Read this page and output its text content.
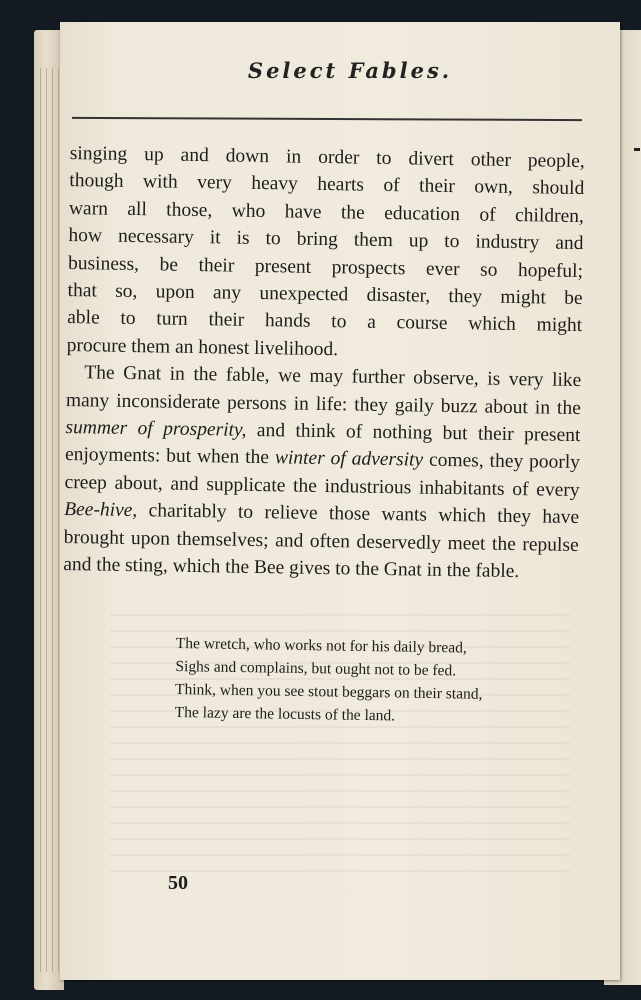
Select Fables.

singing up and down in order to divert other people,

though with very heavy hearts of their own, should

warn all those, who have the education of children,

how necessary it is to bring them up to industry and

business, be their present prospects ever so hopeful;

that so, upon any unexpected disaster, they might be

able to turn their hands to a course which might

procure them an honest livelihood.

The Gnat in the fable, we may further observe, is very like many inconsiderate persons in life: they gaily buzz about in the summer of prosperity, and think of nothing but their present enjoyments: but when the winter of adversity comes, they poorly creep about, and supplicate the industrious inhabitants of every Bee-hive, charitably to relieve those wants which they have brought upon themselves; and often deservedly meet the repulse and the sting, which the Bee gives to the Gnat in the fable.

The wretch, who works not for his daily bread,
Sighs and complains, but ought not to be fed.
Think, when you see stout beggars on their stand,
The lazy are the locusts of the land.
50
